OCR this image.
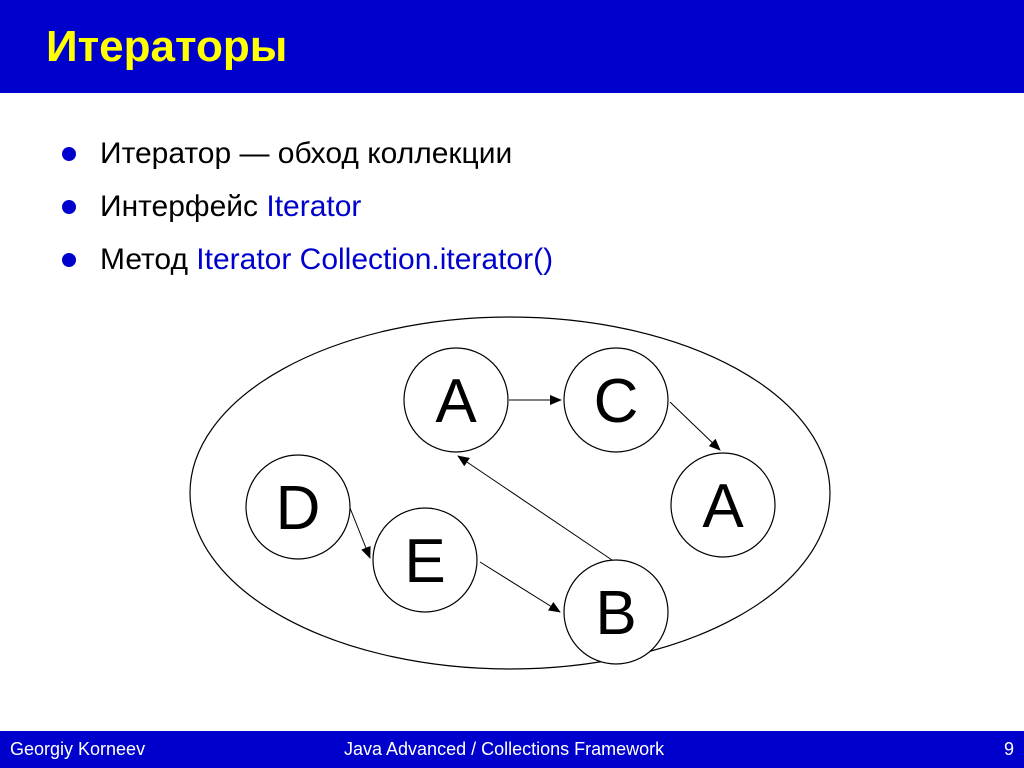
Итераторы
Итератор — обход коллекции
Интерфейс Iterator
Метод Iterator Collection.iterator()
A C
A
D
E
B
Georgiy Korneev	Java Advanced / Collections Framework	9
